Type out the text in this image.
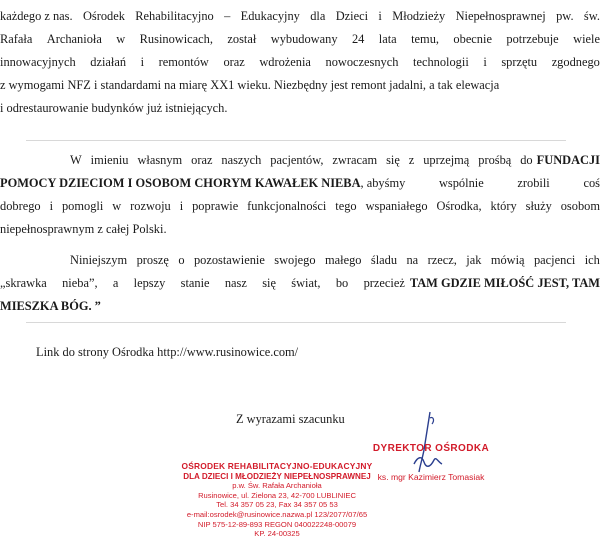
każdego z nas. Ośrodek Rehabilitacyjno – Edukacyjny dla Dzieci i Młodzieży Niepełnosprawnej pw. św.
Rafała Archanioła w Rusinowicach, został wybudowany 24 lata temu, obecnie potrzebuje wiele
innowacyjnych działań i remontów oraz wdrożenia nowoczesnych technologii i sprzętu zgodnego
z wymogami NFZ i standardami na miarę XX1 wieku. Niezbędny jest remont jadalni, a tak elewacja
i odrestaurowanie budynków już istniejących.
W imieniu własnym oraz naszych pacjentów, zwracam się z uprzejmą prośbą do FUNDACJI
POMOCY DZIECIOM I OSOBOM CHORYM KAWAŁEK NIEBA , abyśmy	wspólnie	zrobili	coś
dobrego i pomogli w rozwoju i poprawie funkcjonalności tego wspaniałego Ośrodka, który służy osobom
niepełnosprawnym z całej Polski.
Niniejszym proszę o pozostawienie swojego małego śladu na rzecz, jak mówią pacjenci ich
„skrawka nieba”, a lepszy stanie nasz się świat, bo przecież TAM GDZIE MIŁOŚĆ JEST, TAM
MIESZKA BÓG. ”
Link do strony Ośrodka http://www.rusinowice.com/
Z wyrazami szacunku
DYREKTOR OŚRODKA
ks. mgr Kazimierz Tomasiak
OŚRODEK REHABILITACYJNO-EDUKACYJNY
DLA DZIECI I MŁODZIEŻY NIEPEŁNOSPRAWNEJ
p.w. Św. Rafała Archanioła
Rusinowice, ul. Zielona 23, 42-700 LUBLINIEC
Tel. 34 357 05 23, Fax 34 357 05 53
e-mail:osrodek@rusinowice.nazwa.pl 123/2077/07/65
NIP 575-12-89-893 REGON 040022248-00079
KP. 24-00325
